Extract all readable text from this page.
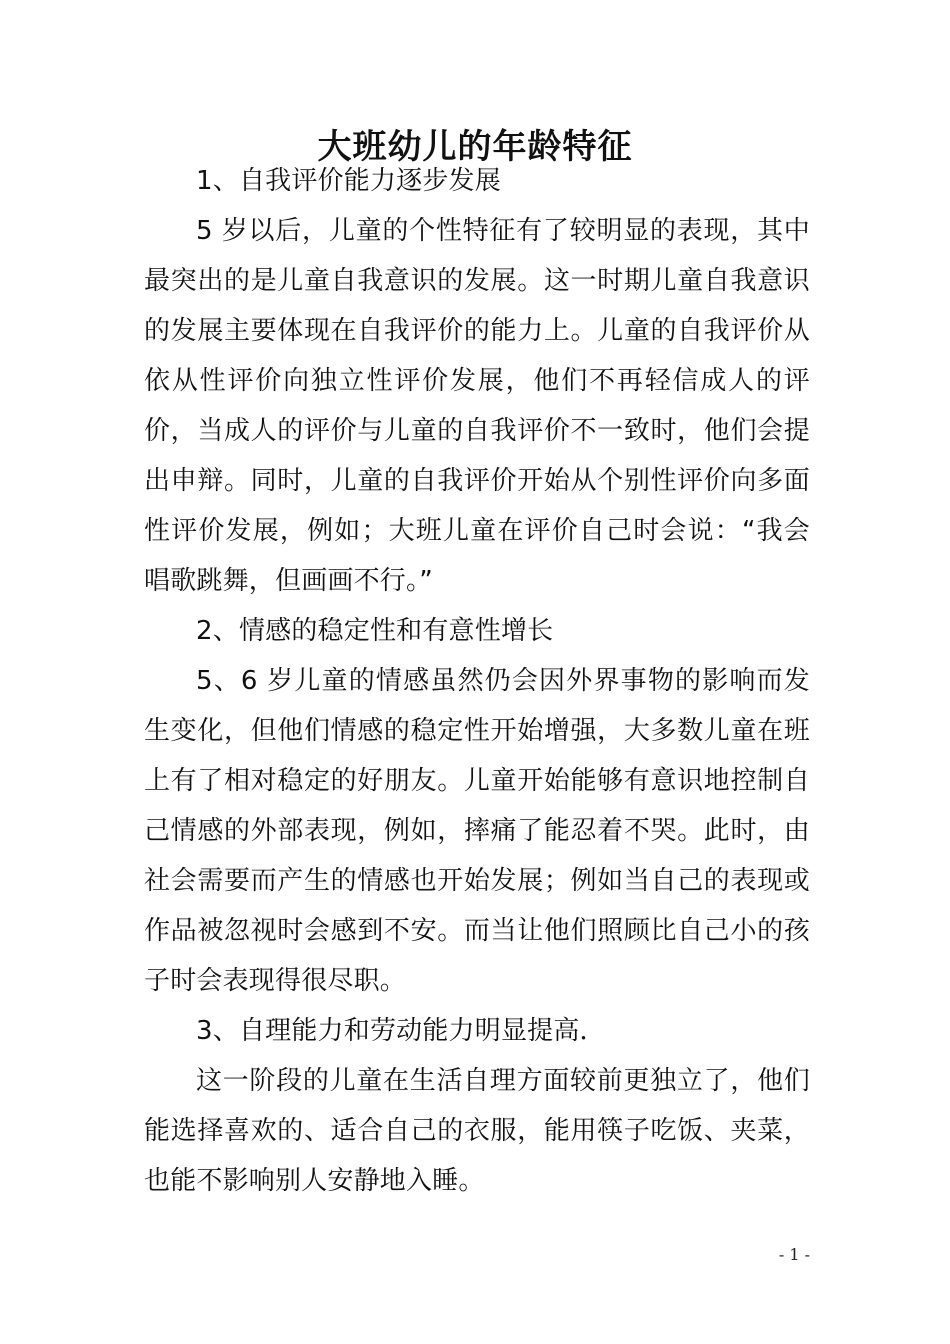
大班幼儿的年龄特征

1、自我评价能力逐步发展

5 岁以后，儿童的个性特征有了较明显的表现，其中最突出的是儿童自我意识的发展。这一时期儿童自我意识的发展主要体现在自我评价的能力上。儿童的自我评价从依从性评价向独立性评价发展，他们不再轻信成人的评价，当成人的评价与儿童的自我评价不一致时，他们会提出申辩。同时，儿童的自我评价开始从个别性评价向多面性评价发展，例如；大班儿童在评价自己时会说：“我会唱歌跳舞，但画画不行。”

2、情感的稳定性和有意性增长

5、6 岁儿童的情感虽然仍会因外界事物的影响而发生变化，但他们情感的稳定性开始增强，大多数儿童在班上有了相对稳定的好朋友。儿童开始能够有意识地控制自己情感的外部表现，例如，摔痛了能忍着不哭。此时，由社会需要而产生的情感也开始发展；例如当自己的表现或作品被忽视时会感到不安。而当让他们照顾比自己小的孩子时会表现得很尽职。

3、自理能力和劳动能力明显提高．

这一阶段的儿童在生活自理方面较前更独立了，他们能选择喜欢的、适合自己的衣服，能用筷子吃饭、夹菜，也能不影响别人安静地入睡。

- 1 -
